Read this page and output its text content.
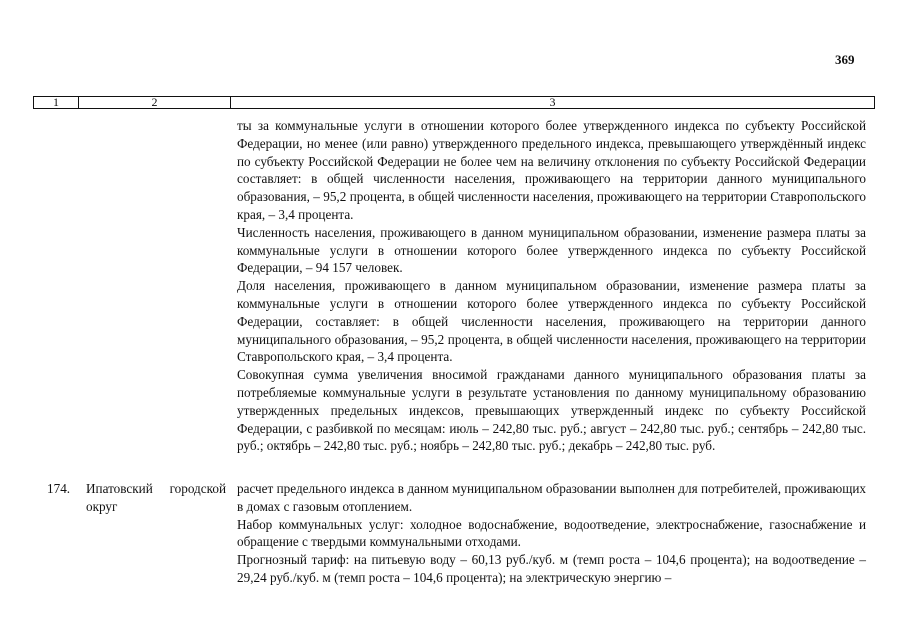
369
1	2	3

ты за коммунальные услуги в отношении которого более утвержденного индекса по субъекту Российской Федерации, но менее (или равно) утвержденного предельного индекса, превышающего утверждённый индекс по субъекту Российской Федерации не более чем на величину отклонения по субъекту Российской Федерации составляет: в общей численности населения, проживающего на территории данного муниципального образования, – 95,2 процента, в общей численности населения, проживающего на территории Ставропольского края, – 3,4 процента.

Численность населения, проживающего в данном муниципальном образовании, изменение размера платы за коммунальные услуги в отношении которого более утвержденного индекса по субъекту Российской Федерации, – 94 157 человек.

Доля населения, проживающего в данном муниципальном образовании, изменение размера платы за коммунальные услуги в отношении которого более утвержденного индекса по субъекту Российской Федерации, составляет: в общей численности населения, проживающего на территории данного муниципального образования, – 95,2 процента, в общей численности населения, проживающего на территории Ставропольского края, – 3,4 процента.

Совокупная сумма увеличения вносимой гражданами данного муниципального образования платы за потребляемые коммунальные услуги в результате установления по данному муниципальному образованию утвержденных предельных индексов, превышающих утвержденный индекс по субъекту Российской Федерации, с разбивкой по месяцам: июль – 242,80 тыс. руб.; август – 242,80 тыс. руб.; сентябрь – 242,80 тыс. руб.; октябрь – 242,80 тыс. руб.; ноябрь – 242,80 тыс. руб.; декабрь – 242,80 тыс. руб.

174. Ипатовский городской округ

расчет предельного индекса в данном муниципальном образовании выполнен для потребителей, проживающих в домах с газовым отоплением.

Набор коммунальных услуг: холодное водоснабжение, водоотведение, электроснабжение, газоснабжение и обращение с твердыми коммунальными отходами.

Прогнозный тариф: на питьевую воду – 60,13 руб./куб. м (темп роста – 104,6 процента); на водоотведение – 29,24 руб./куб. м (темп роста – 104,6 процента); на электрическую энергию –
